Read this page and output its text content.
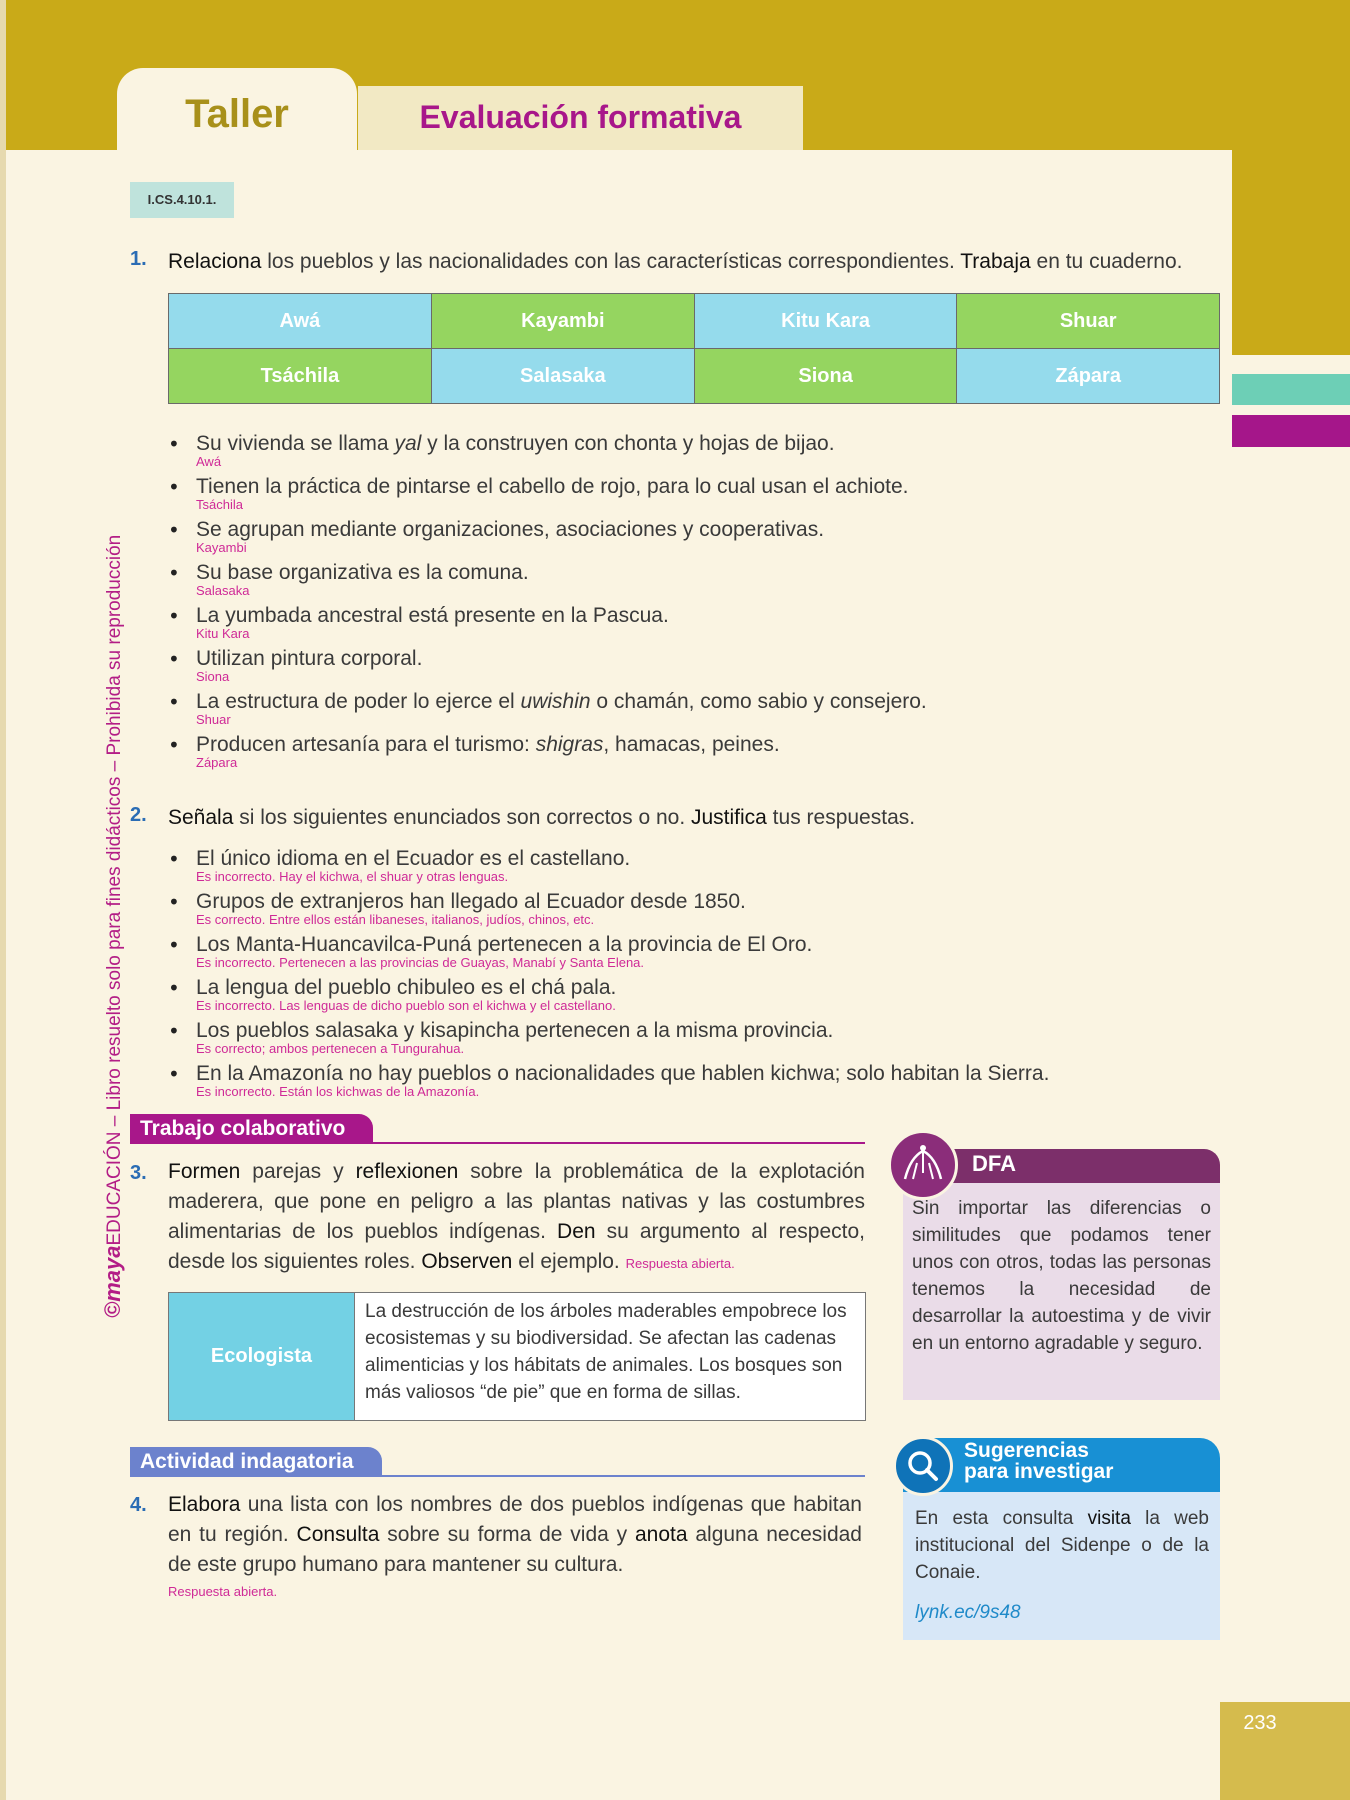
Taller	Evaluación formativa
I.CS.4.10.1.
©mayaEDUCACIÓN – Libro resuelto solo para fines didácticos – Prohibida su reproducción
1. Relaciona los pueblos y las nacionalidades con las características correspondientes. Trabaja en tu cuaderno.
Awá	Kayambi	Kitu Kara	Shuar
Tsáchila	Salasaka	Siona	Zápara
• Su vivienda se llama yal y la construyen con chonta y hojas de bijao.
Awá
• Tienen la práctica de pintarse el cabello de rojo, para lo cual usan el achiote.
Tsáchila
• Se agrupan mediante organizaciones, asociaciones y cooperativas.
Kayambi
• Su base organizativa es la comuna.
Salasaka
• La yumbada ancestral está presente en la Pascua.
Kitu Kara
• Utilizan pintura corporal.
Siona
• La estructura de poder lo ejerce el uwishin o chamán, como sabio y consejero.
Shuar
• Producen artesanía para el turismo: shigras, hamacas, peines.
Zápara
2. Señala si los siguientes enunciados son correctos o no. Justifica tus respuestas.
• El único idioma en el Ecuador es el castellano.
Es incorrecto. Hay el kichwa, el shuar y otras lenguas.
• Grupos de extranjeros han llegado al Ecuador desde 1850.
Es correcto. Entre ellos están libaneses, italianos, judíos, chinos, etc.
• Los Manta-Huancavilca-Puná pertenecen a la provincia de El Oro.
Es incorrecto. Pertenecen a las provincias de Guayas, Manabí y Santa Elena.
• La lengua del pueblo chibuleo es el chá pala.
Es incorrecto. Las lenguas de dicho pueblo son el kichwa y el castellano.
• Los pueblos salasaka y kisapincha pertenecen a la misma provincia.
Es correcto; ambos pertenecen a Tungurahua.
• En la Amazonía no hay pueblos o nacionalidades que hablen kichwa; solo habitan la Sierra.
Es incorrecto. Están los kichwas de la Amazonía.
Trabajo colaborativo
3. Formen parejas y reflexionen sobre la problemática de la explotación maderera, que pone en peligro a las plantas nativas y las costumbres alimentarias de los pueblos indígenas. Den su argumento al respecto, desde los siguientes roles. Observen el ejemplo. Respuesta abierta.
Ecologista
La destrucción de los árboles maderables empobrece los ecosistemas y su biodiversidad. Se afectan las cadenas alimenticias y los hábitats de animales. Los bosques son más valiosos “de pie” que en forma de sillas.
DFA
Sin importar las diferencias o similitudes que podamos tener unos con otros, todas las personas tenemos la necesidad de desarrollar la autoestima y de vivir en un entorno agradable y seguro.
Actividad indagatoria
4. Elabora una lista con los nombres de dos pueblos indígenas que habitan en tu región. Consulta sobre su forma de vida y anota alguna necesidad de este grupo humano para mantener su cultura.
Respuesta abierta.
Sugerencias
para investigar
En esta consulta visita la web institucional del Sidenpe o de la Conaie.
lynk.ec/9s48
233
